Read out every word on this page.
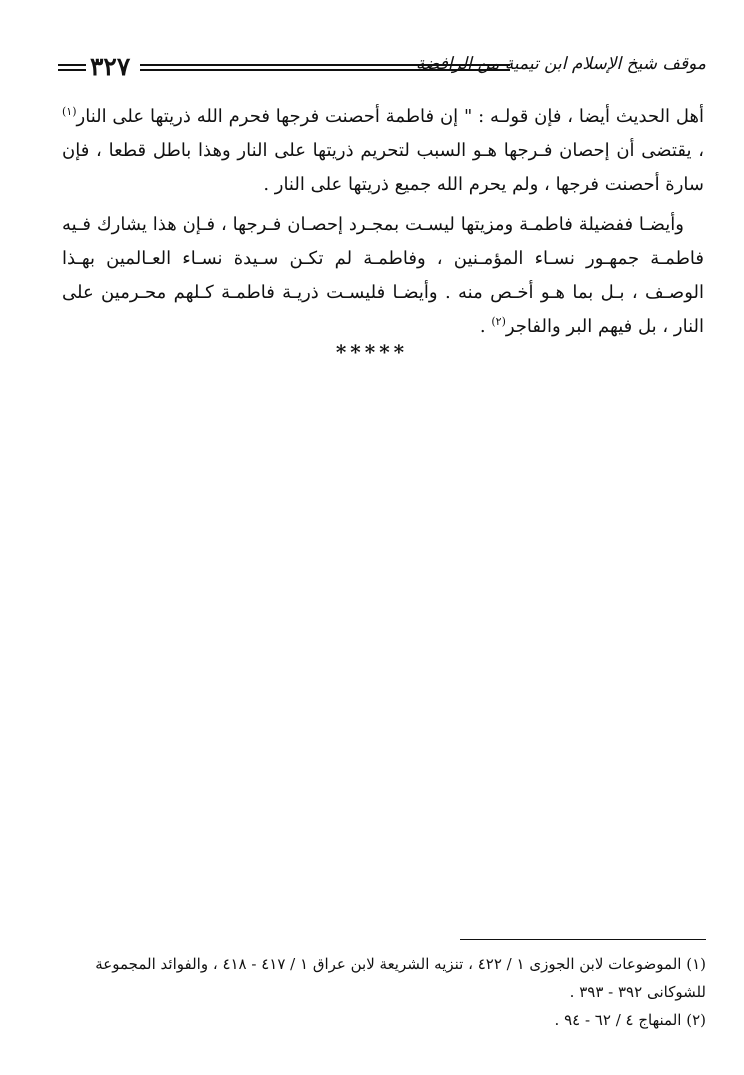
٣٢٧	موقف شيخ الإسلام ابن تيمية من الرافضة

أهل الحديث أيضا ، فإن قولـه : " إن فاطمة أحصنت فرجها فحرم الله ذريتها على النار$^{(١)}$ ، يقتضى أن إحصان فـرجها هـو السبب لتحريم ذريتها على النار وهذا باطل قطعا ، فإن سارة أحصنت فرجها ، ولم يحرم الله جميع ذريتها على النار .

وأيضـا ففضيلة فاطمـة ومزيتها ليسـت بمجـرد إحصـان فـرجها ، فـإن هذا يشارك فـيه فاطمـة جمهـور نسـاء المؤمـنين ، وفاطمـة لم تكـن سـيدة نسـاء العـالمين بهـذا الوصـف ، بـل بما هـو أخـص منه . وأيضـا فليسـت ذريـة فاطمـة كـلهم محـرمين على النار ، بل فيهم البر والفاجر$^{(٢)}$ .

*****

(١) الموضوعات لابن الجوزى ١ / ٤٢٢ ، تنزيه الشريعة لابن عراق ١ / ٤١٧ - ٤١٨ ، والفوائد المجموعة للشوكانى ٣٩٢ - ٣٩٣ .

(٢) المنهاج ٤ / ٦٢ - ٩٤ .
